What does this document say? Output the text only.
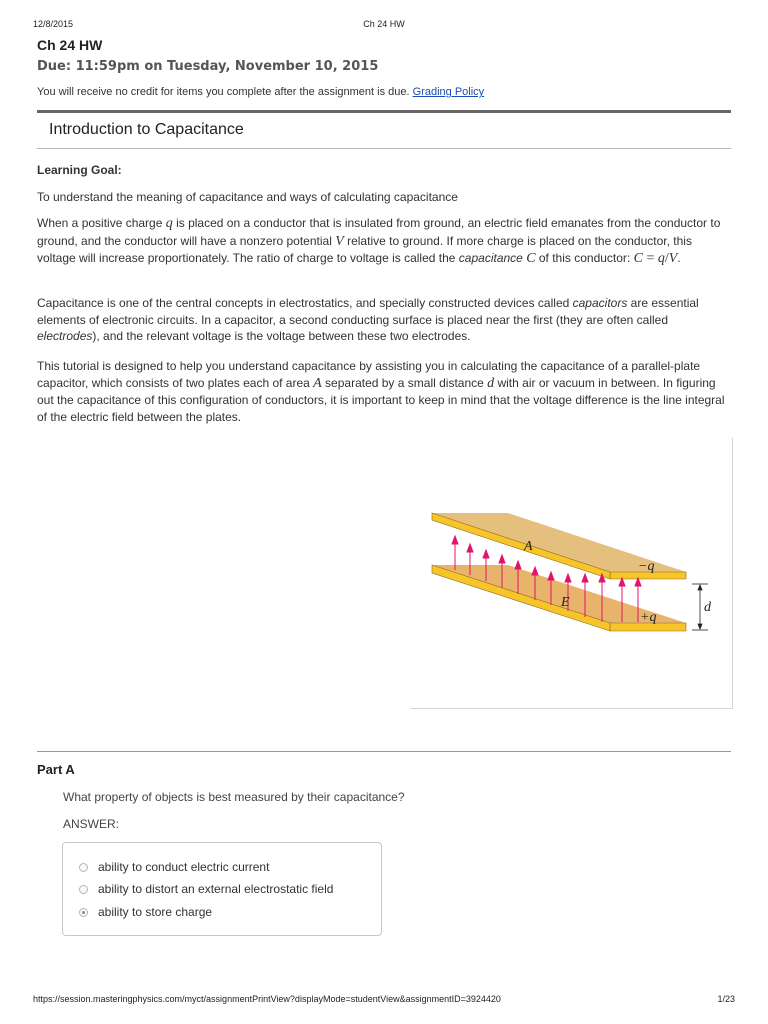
12/8/2015	Ch 24 HW
Ch 24 HW
Due: 11:59pm on Tuesday, November 10, 2015
You will receive no credit for items you complete after the assignment is due. Grading Policy
Introduction to Capacitance
Learning Goal:
To understand the meaning of capacitance and ways of calculating capacitance

When a positive charge q is placed on a conductor that is insulated from ground, an electric field emanates from the conductor to ground, and the conductor will have a nonzero potential V relative to ground. If more charge is placed on the conductor, this voltage will increase proportionately. The ratio of charge to voltage is called the capacitance C of this conductor: C = q/V.

Capacitance is one of the central concepts in electrostatics, and specially constructed devices called capacitors are essential elements of electronic circuits. In a capacitor, a second conducting surface is placed near the first (they are often called electrodes), and the relevant voltage is the voltage between these two electrodes.

This tutorial is designed to help you understand capacitance by assisting you in calculating the capacitance of a parallel-plate capacitor, which consists of two plates each of area A separated by a small distance d with air or vacuum in between. In figuring out the capacitance of this configuration of conductors, it is important to keep in mind that the voltage difference is the line integral of the electric field between the plates.

A
−q
E
+q
d
Part A
What property of objects is best measured by their capacitance?
ANSWER:
ability to conduct electric current
ability to distort an external electrostatic field
ability to store charge
https://session.masteringphysics.com/myct/assignmentPrintView?displayMode=studentView&assignmentID=3924420	1/23
